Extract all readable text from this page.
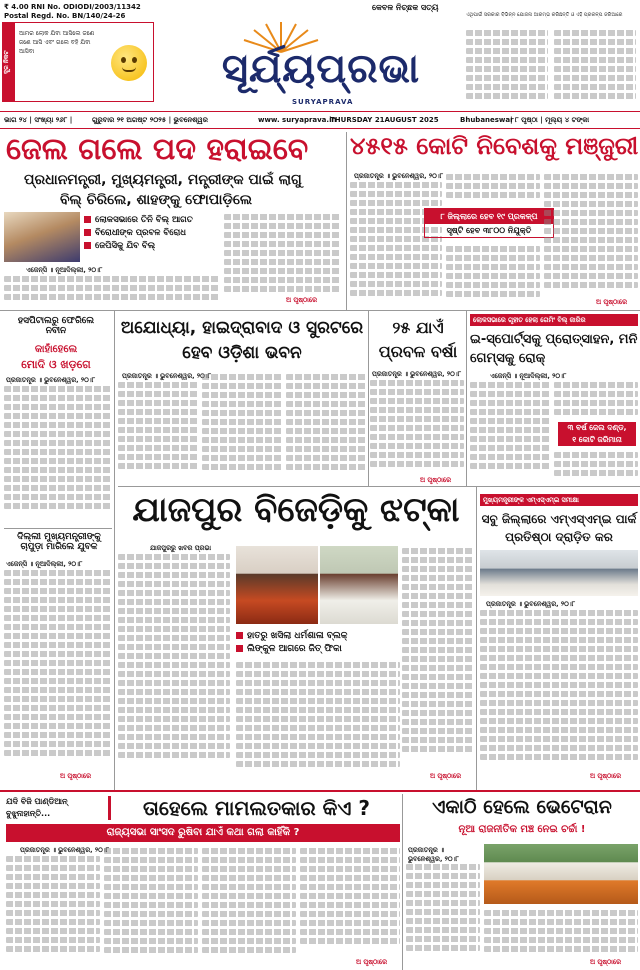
₹ 4.00 RNI No. ODIODI/2003/11342
Postal Regd. No. BN/140/24-26
ଦୂର ନିକଟ
ଆମର ଲୋକ ଯିବା ଆସିଲେ ଜଣେ ଜଣେ ଆସି ଏବଂ ଗଲେ ବହି ଯିବା ଆସିବା	ସୂର୍ଯ୍ୟପ୍ରଭା
SURYAPRAVA
କେବଳ ନିଚ୍ଛକ ସତ୍ୟ
ଏଥିପାଇଁ ସରକାର ବିଭିନ୍ନ ଯୋଜନା ଆରମ୍ଭ କରିଛନ୍ତି ଓ ଏହି ପ୍ରକଳ୍ପ ଜରିଆରେ
ଭାଗ ୨୪ | ସଂଖ୍ୟା ୨୬୮ |	ଗୁରୁବାର ୨୧ ଅଗଷ୍ଟ ୨୦୨୫ | ଭୁବନେଶ୍ୱର	www. suryaprava.in
THURSDAY 21AUGUST 2025	Bhubaneswar
| ୮ ପୃଷ୍ଠା | ମୂଲ୍ୟ ୪ ଟଙ୍କା
ଜେଲ ଗଲେ ପଦ ହରାଇବେ
ପ୍ରଧାନମନ୍ତ୍ରୀ, ମୁଖ୍ୟମନ୍ତ୍ରୀ, ମନ୍ତ୍ରୀଙ୍କ ପାଇଁ ଲାଗୁ
ବିଲ୍ ଚିରିଲେ, ଶାହଙ୍କୁ ଫୋପାଡ଼ିଲେ

ଲୋକସଭାରେ ତିନି ବିଲ୍ ଆଗତ
ବିରୋଧୀଙ୍କ ପ୍ରବଳ ବିରୋଧ
ଜେପିସିକୁ ଯିବ ବିଲ୍
ଏଜେନ୍ସି ॥ ନୂଆଦିଲ୍ଲୀ, ୨୦।୮
ଅ ପୃଷ୍ଠାରେ
୪୫୧୫ କୋଟି ନିବେଶକୁ ମଞ୍ଜୁରୀ
ପ୍ରଜାତନ୍ତ୍ର ॥ ଭୁବନେଶ୍ୱର, ୨୦।୮
୮ ଜିଲ୍ଲାରେ ହେବ ୧୯ ପ୍ରକଳ୍ପ
ସୃଷ୍ଟି ହେବ ୩୮୦୦ ନିଯୁକ୍ତି
ଅ ପୃଷ୍ଠାରେ
ହସପିଟାଲରୁ ଫେରିଲେ ନବୀନ
କାହାଁହେଲେ
ମୋଦି ଓ ଖଡ଼ଗେ
ପ୍ରଜାତନ୍ତ୍ର ॥ ଭୁବନେଶ୍ୱର, ୨୦।୮
ଦିଲ୍ଲୀ ମୁଖ୍ୟମନ୍ତ୍ରୀଙ୍କୁ ଚାପୁଡ଼ା ମାରିଲେ ଯୁବକ
ଏଜେନ୍ସି ॥ ନୂଆଦିଲ୍ଲୀ, ୨୦।୮
ଅ ପୃଷ୍ଠାରେ
ଅଯୋଧ୍ୟା, ହାଇଦ୍ରାବାଦ ଓ ସୁରଟରେ ହେବ ଓଡ଼ିଶା ଭବନ
ପ୍ରଜାତନ୍ତ୍ର ॥ ଭୁବନେଶ୍ୱର, ୨୦।୮
୨୫ ଯାଏଁ ପ୍ରବଳ ବର୍ଷା
ପ୍ରଜାତନ୍ତ୍ର ॥ ଭୁବନେଶ୍ୱର, ୨୦।୮
ଅ ପୃଷ୍ଠାରେ
ଲୋକସଭାରେ ଗୃହୀତ ହେଲା ଗେମିଂ ବିଲ୍ ଜାରିର
ଇ-ସ୍ପୋର୍ଟ୍ସକୁ ପ୍ରୋତ୍ସାହନ, ମନି ଗେମ୍ସକୁ ରୋକ୍
ଏଜେନ୍ସି ॥ ନୂଆଦିଲ୍ଲୀ, ୨୦।୮
୩ ବର୍ଷ ଜେଲ ଦଣ୍ଡ,
୧ କୋଟି ଜରିମାନା
ଯାଜପୁର ବିଜେଡ଼ିକୁ ଝଟ୍‌କା
ଯାଜପୁରରୁ ଖବର ପ୍ରଭା
ହାତରୁ ଖସିଲା ଧର୍ମଶାଳା ବ୍ଲକ୍
ଲିଙ୍କୁଳ ଆଗରେ ଜିତ୍ ଫିକା
ଅ ପୃଷ୍ଠାରେ
ମୁଖ୍ୟମନ୍ତ୍ରୀଙ୍କ ଏମ୍‌ଏସ୍‌ଏମ୍‌ଇ ସମୀକ୍ଷା
ସବୁ ଜିଲ୍ଲାରେ ଏମ୍‌ଏସ୍‌ଏମ୍‌ଇ ପାର୍କ ପ୍ରତିଷ୍ଠା ଦ୍ରାଡ଼ିତ କର
ପ୍ରଜାତନ୍ତ୍ର ॥ ଭୁବନେଶ୍ୱର, ୨୦।୮
ଅ ପୃଷ୍ଠାରେ
ଯଦି ବିଜି ପାଣ୍ଡିଆନ୍ ବୁଝୁନାହାନ୍ତି...	ତାହେଲେ ମାମଲତକାର କିଏ ?
ରାଜ୍ୟସଭା ସାଂସଦ ରୁଷିବା ଯାଏଁ କଥା ଗଲା କାହିଁକି ?
ପ୍ରଜାତନ୍ତ୍ର ॥ ଭୁବନେଶ୍ୱର, ୨୦।୮
ଅ ପୃଷ୍ଠାରେ
ଏକାଠି ହେଲେ ଭେଟେରାନ
ନୂଆ ରାଜନୀତିକ ମଞ୍ଚ ନେଇ ଚର୍ଚ୍ଚା !
ପ୍ରଜାତନ୍ତ୍ର ॥ ଭୁବନେଶ୍ୱର, ୨୦।୮
ଅ ପୃଷ୍ଠାରେ
